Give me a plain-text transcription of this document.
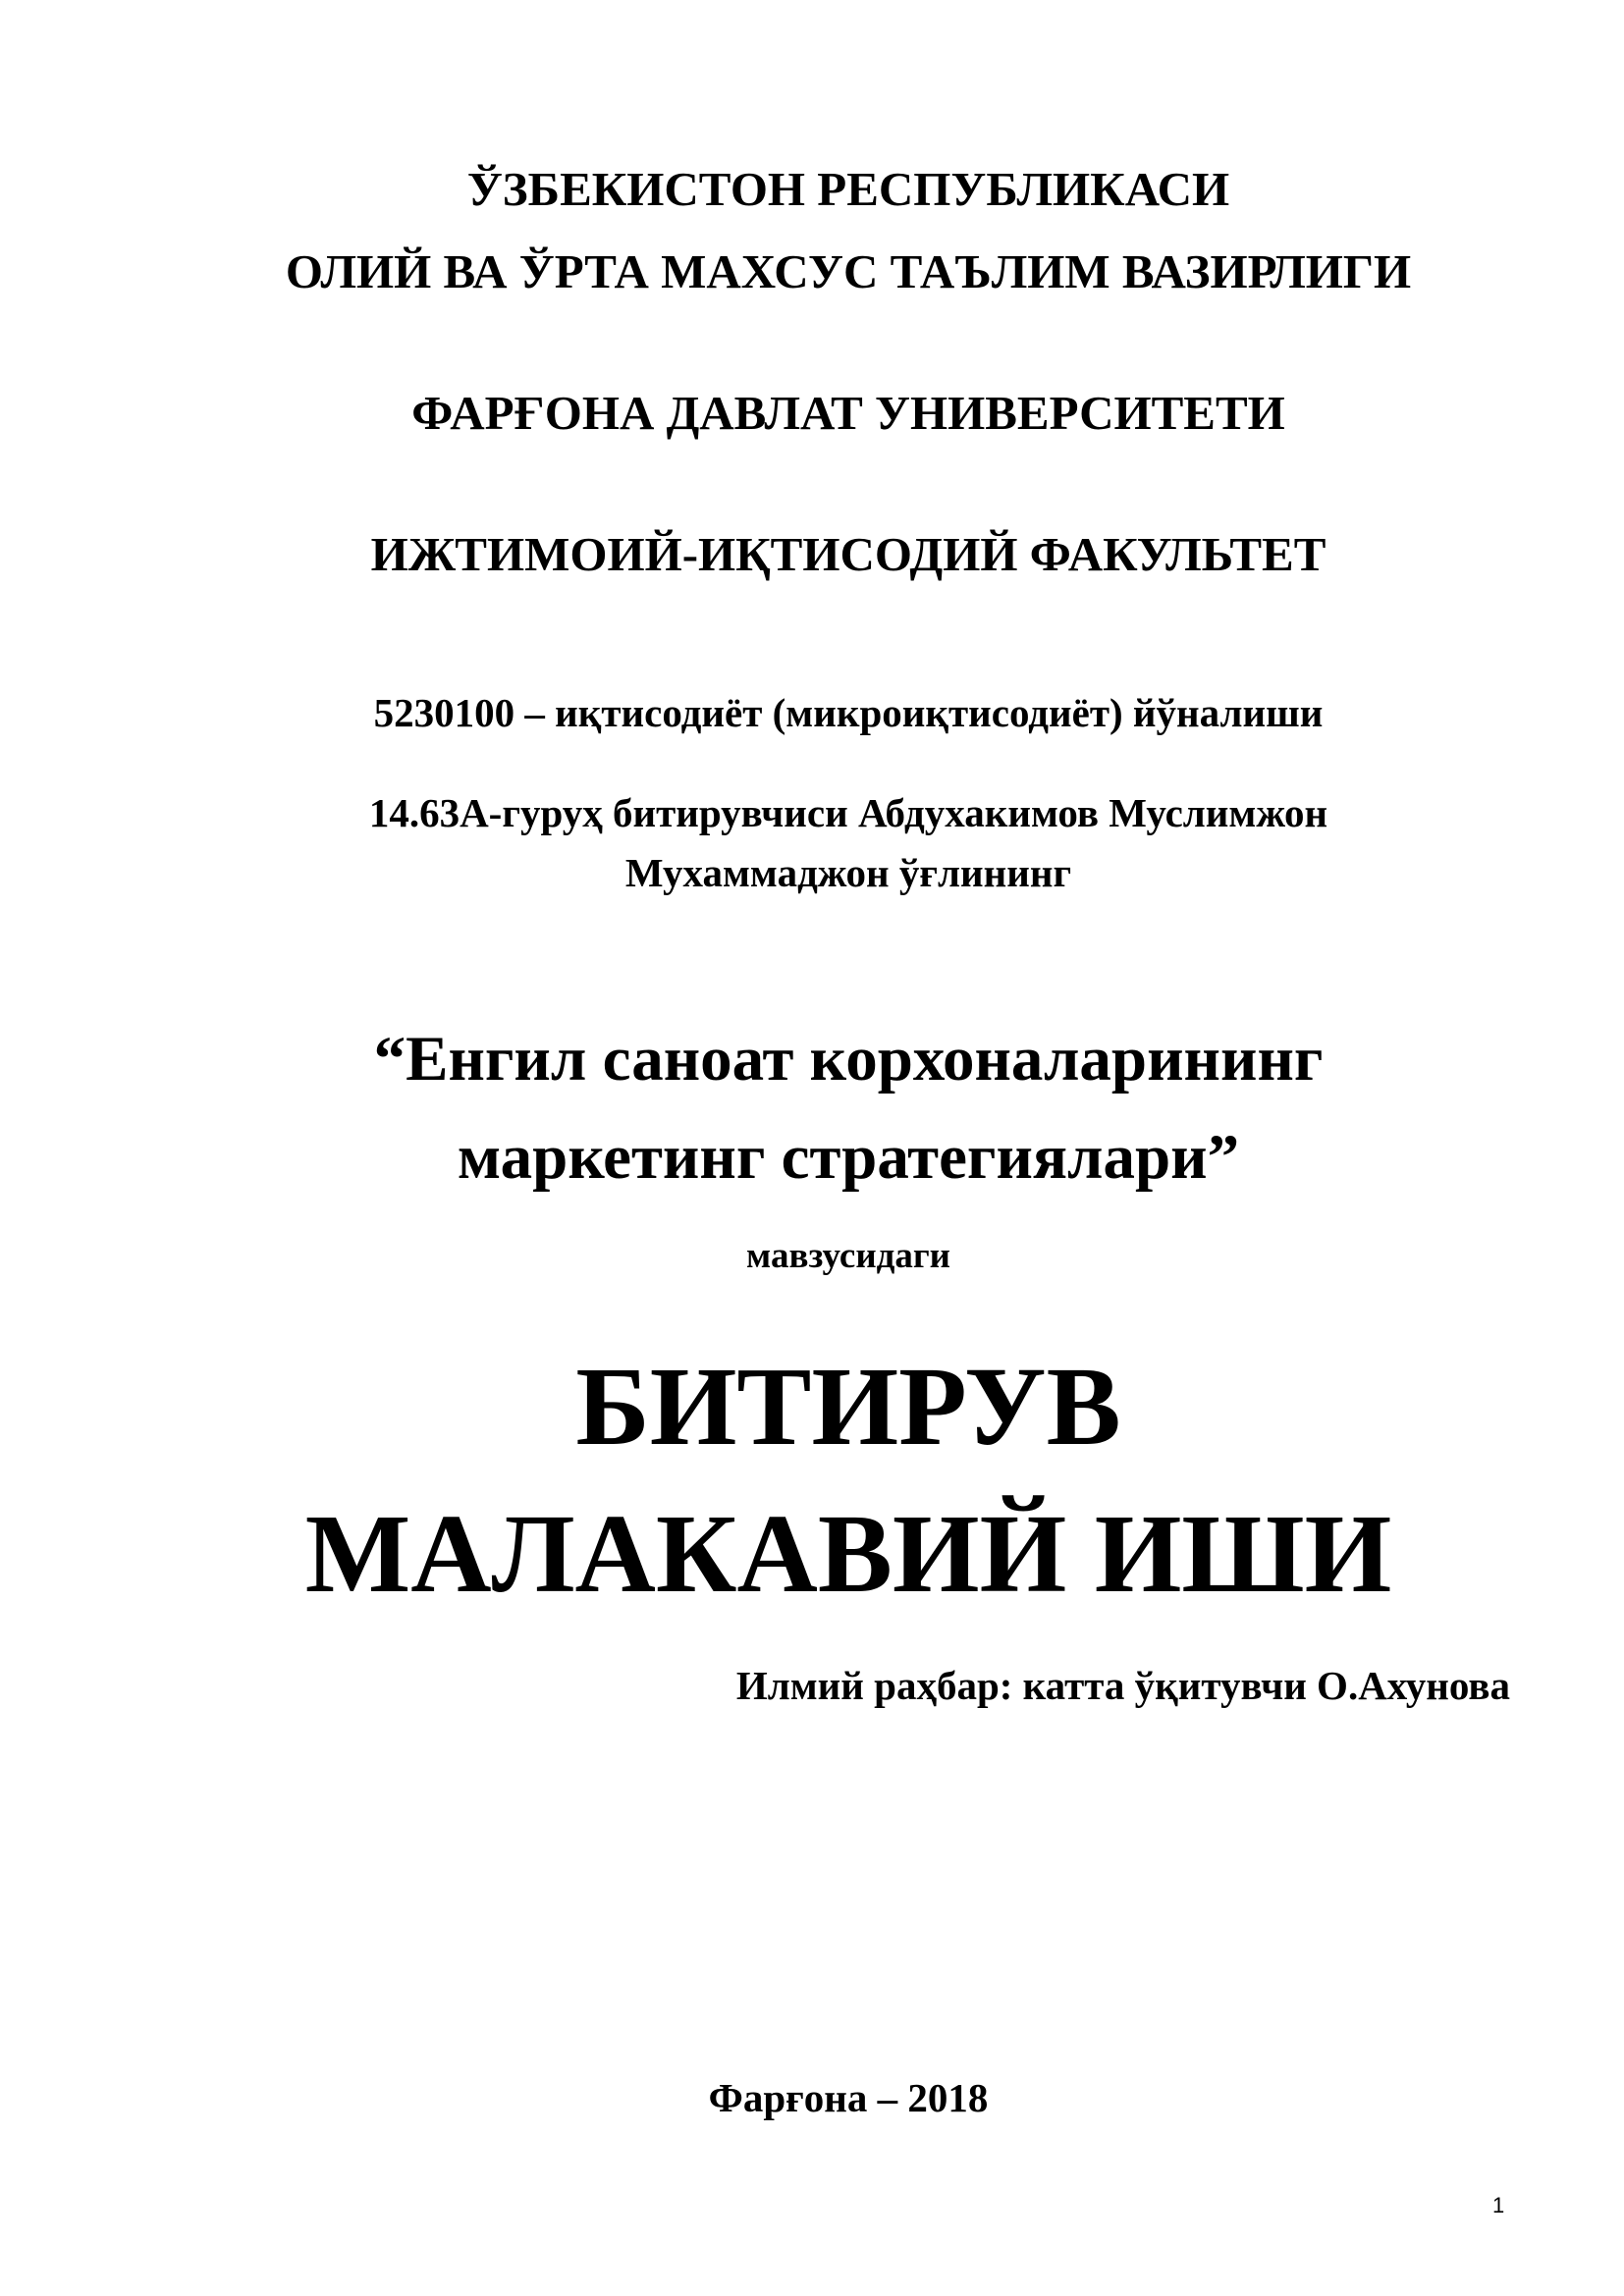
ЎЗБЕКИСТОН РЕСПУБЛИКАСИ
ОЛИЙ ВА ЎРТА МАХСУС ТАЪЛИМ ВАЗИРЛИГИ
ФАРҒОНА ДАВЛАТ УНИВЕРСИТЕТИ
ИЖТИМОИЙ-ИҚТИСОДИЙ ФАКУЛЬТЕТ
5230100 – иқтисодиёт (микроиқтисодиёт) йўналиши
14.63А-гуруҳ битирувчиси Абдухакимов Муслимжон
Мухаммаджон ўғлининг
“Енгил саноат корхоналарининг
маркетинг стратегиялари”
мавзусидаги
БИТИРУВ
МАЛАКАВИЙ ИШИ
Илмий раҳбар: катта ўқитувчи О.Ахунова
Фарғона – 2018
1
